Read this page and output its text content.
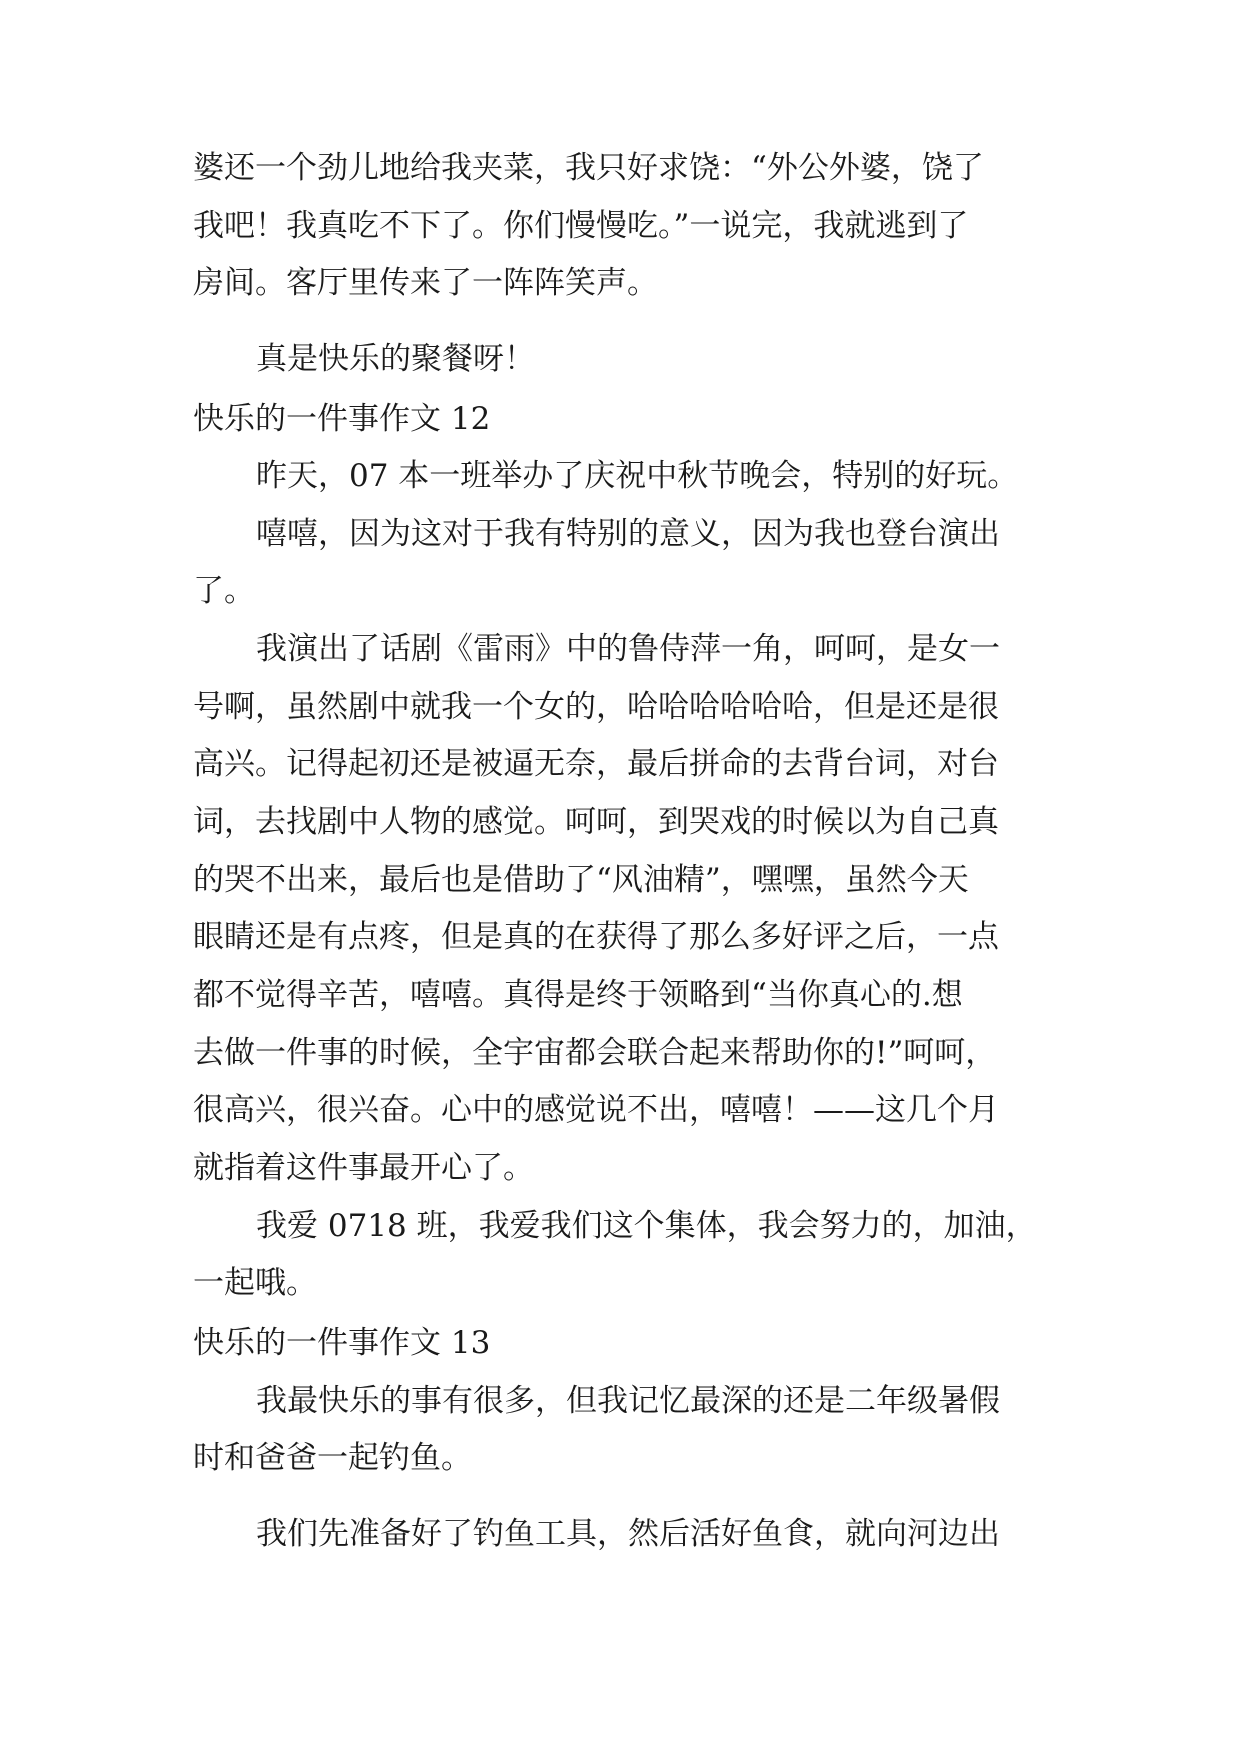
婆还一个劲儿地给我夹菜，我只好求饶：“外公外婆，饶了
我吧！我真吃不下了。你们慢慢吃。”一说完，我就逃到了
房间。客厅里传来了一阵阵笑声。
真是快乐的聚餐呀！
快乐的一件事作文 12
昨天，07 本一班举办了庆祝中秋节晚会，特别的好玩。
嘻嘻，因为这对于我有特别的意义，因为我也登台演出
了。
我演出了话剧《雷雨》中的鲁侍萍一角，呵呵，是女一
号啊，虽然剧中就我一个女的，哈哈哈哈哈哈，但是还是很
高兴。记得起初还是被逼无奈，最后拼命的去背台词，对台
词，去找剧中人物的感觉。呵呵，到哭戏的时候以为自己真
的哭不出来，最后也是借助了“风油精”，嘿嘿，虽然今天
眼睛还是有点疼，但是真的在获得了那么多好评之后，一点
都不觉得辛苦，嘻嘻。真得是终于领略到“当你真心的.想
去做一件事的时候，全宇宙都会联合起来帮助你的!”呵呵，
很高兴，很兴奋。心中的感觉说不出，嘻嘻！——这几个月
就指着这件事最开心了。
我爱 0718 班，我爱我们这个集体，我会努力的，加油，
一起哦。
快乐的一件事作文 13
我最快乐的事有很多，但我记忆最深的还是二年级暑假
时和爸爸一起钓鱼。
我们先准备好了钓鱼工具，然后活好鱼食，就向河边出
